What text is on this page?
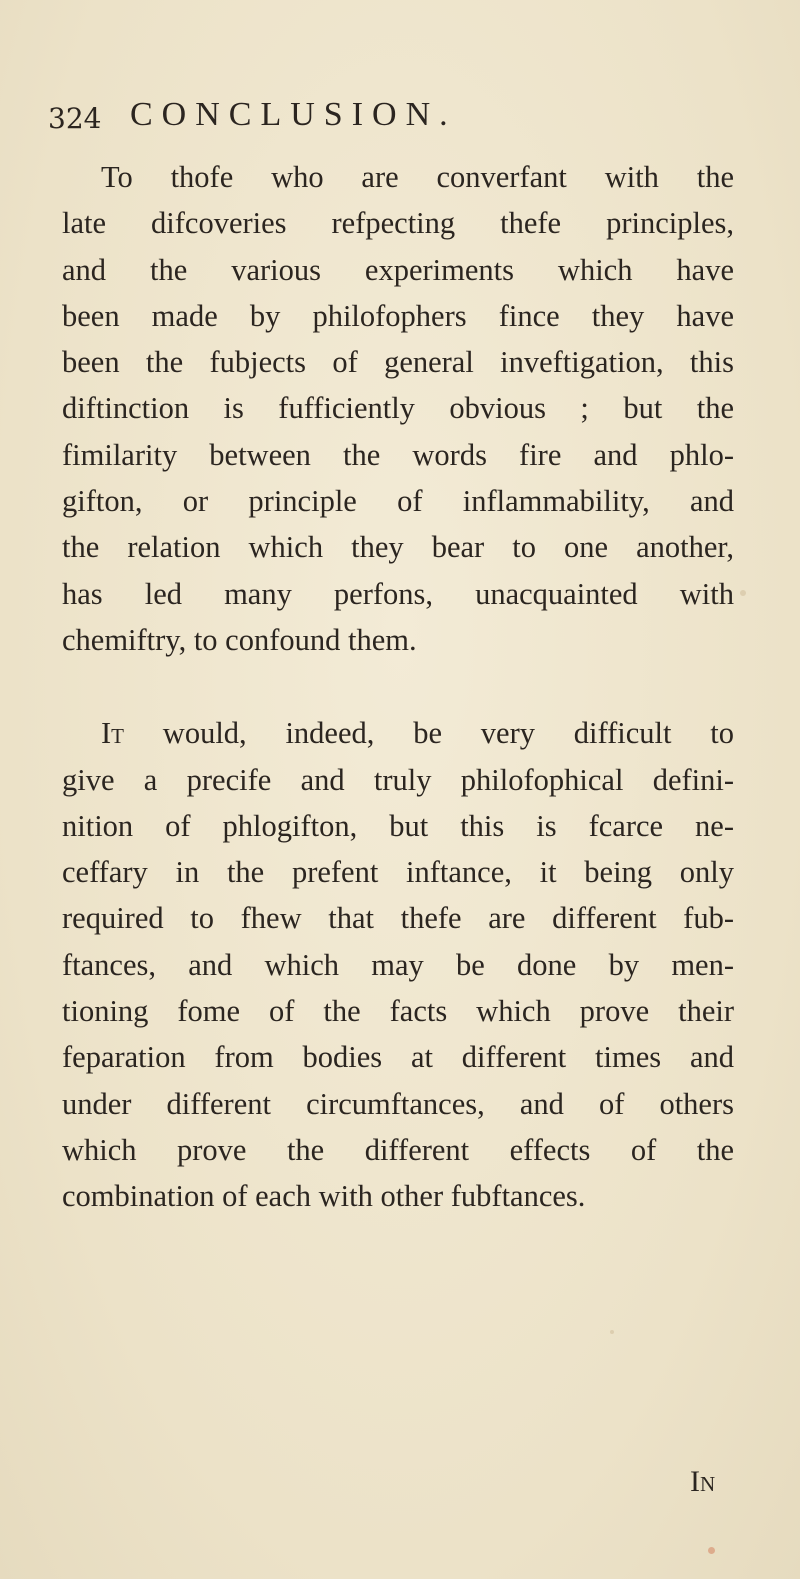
324 CONCLUSION.

To thofe who are converfant with the
late difcoveries refpecting thefe principles,
and the various experiments which have
been made by philofophers fince they have
been the fubjects of general inveftigation, this
diftinction is fufficiently obvious ; but the
fimilarity between the words fire and phlo-
gifton, or principle of inflammability, and
the relation which they bear to one another,
has led many perfons, unacquainted with
chemiftry, to confound them.

It would, indeed, be very difficult to
give a precife and truly philofophical defini-
nition of phlogifton, but this is fcarce ne-
ceffary in the prefent inftance, it being only
required to fhew that thefe are different fub-
ftances, and which may be done by men-
tioning fome of the facts which prove their
feparation from bodies at different times and
under different circumftances, and of others
which prove the different effects of the
combination of each with other fubftances.

In
